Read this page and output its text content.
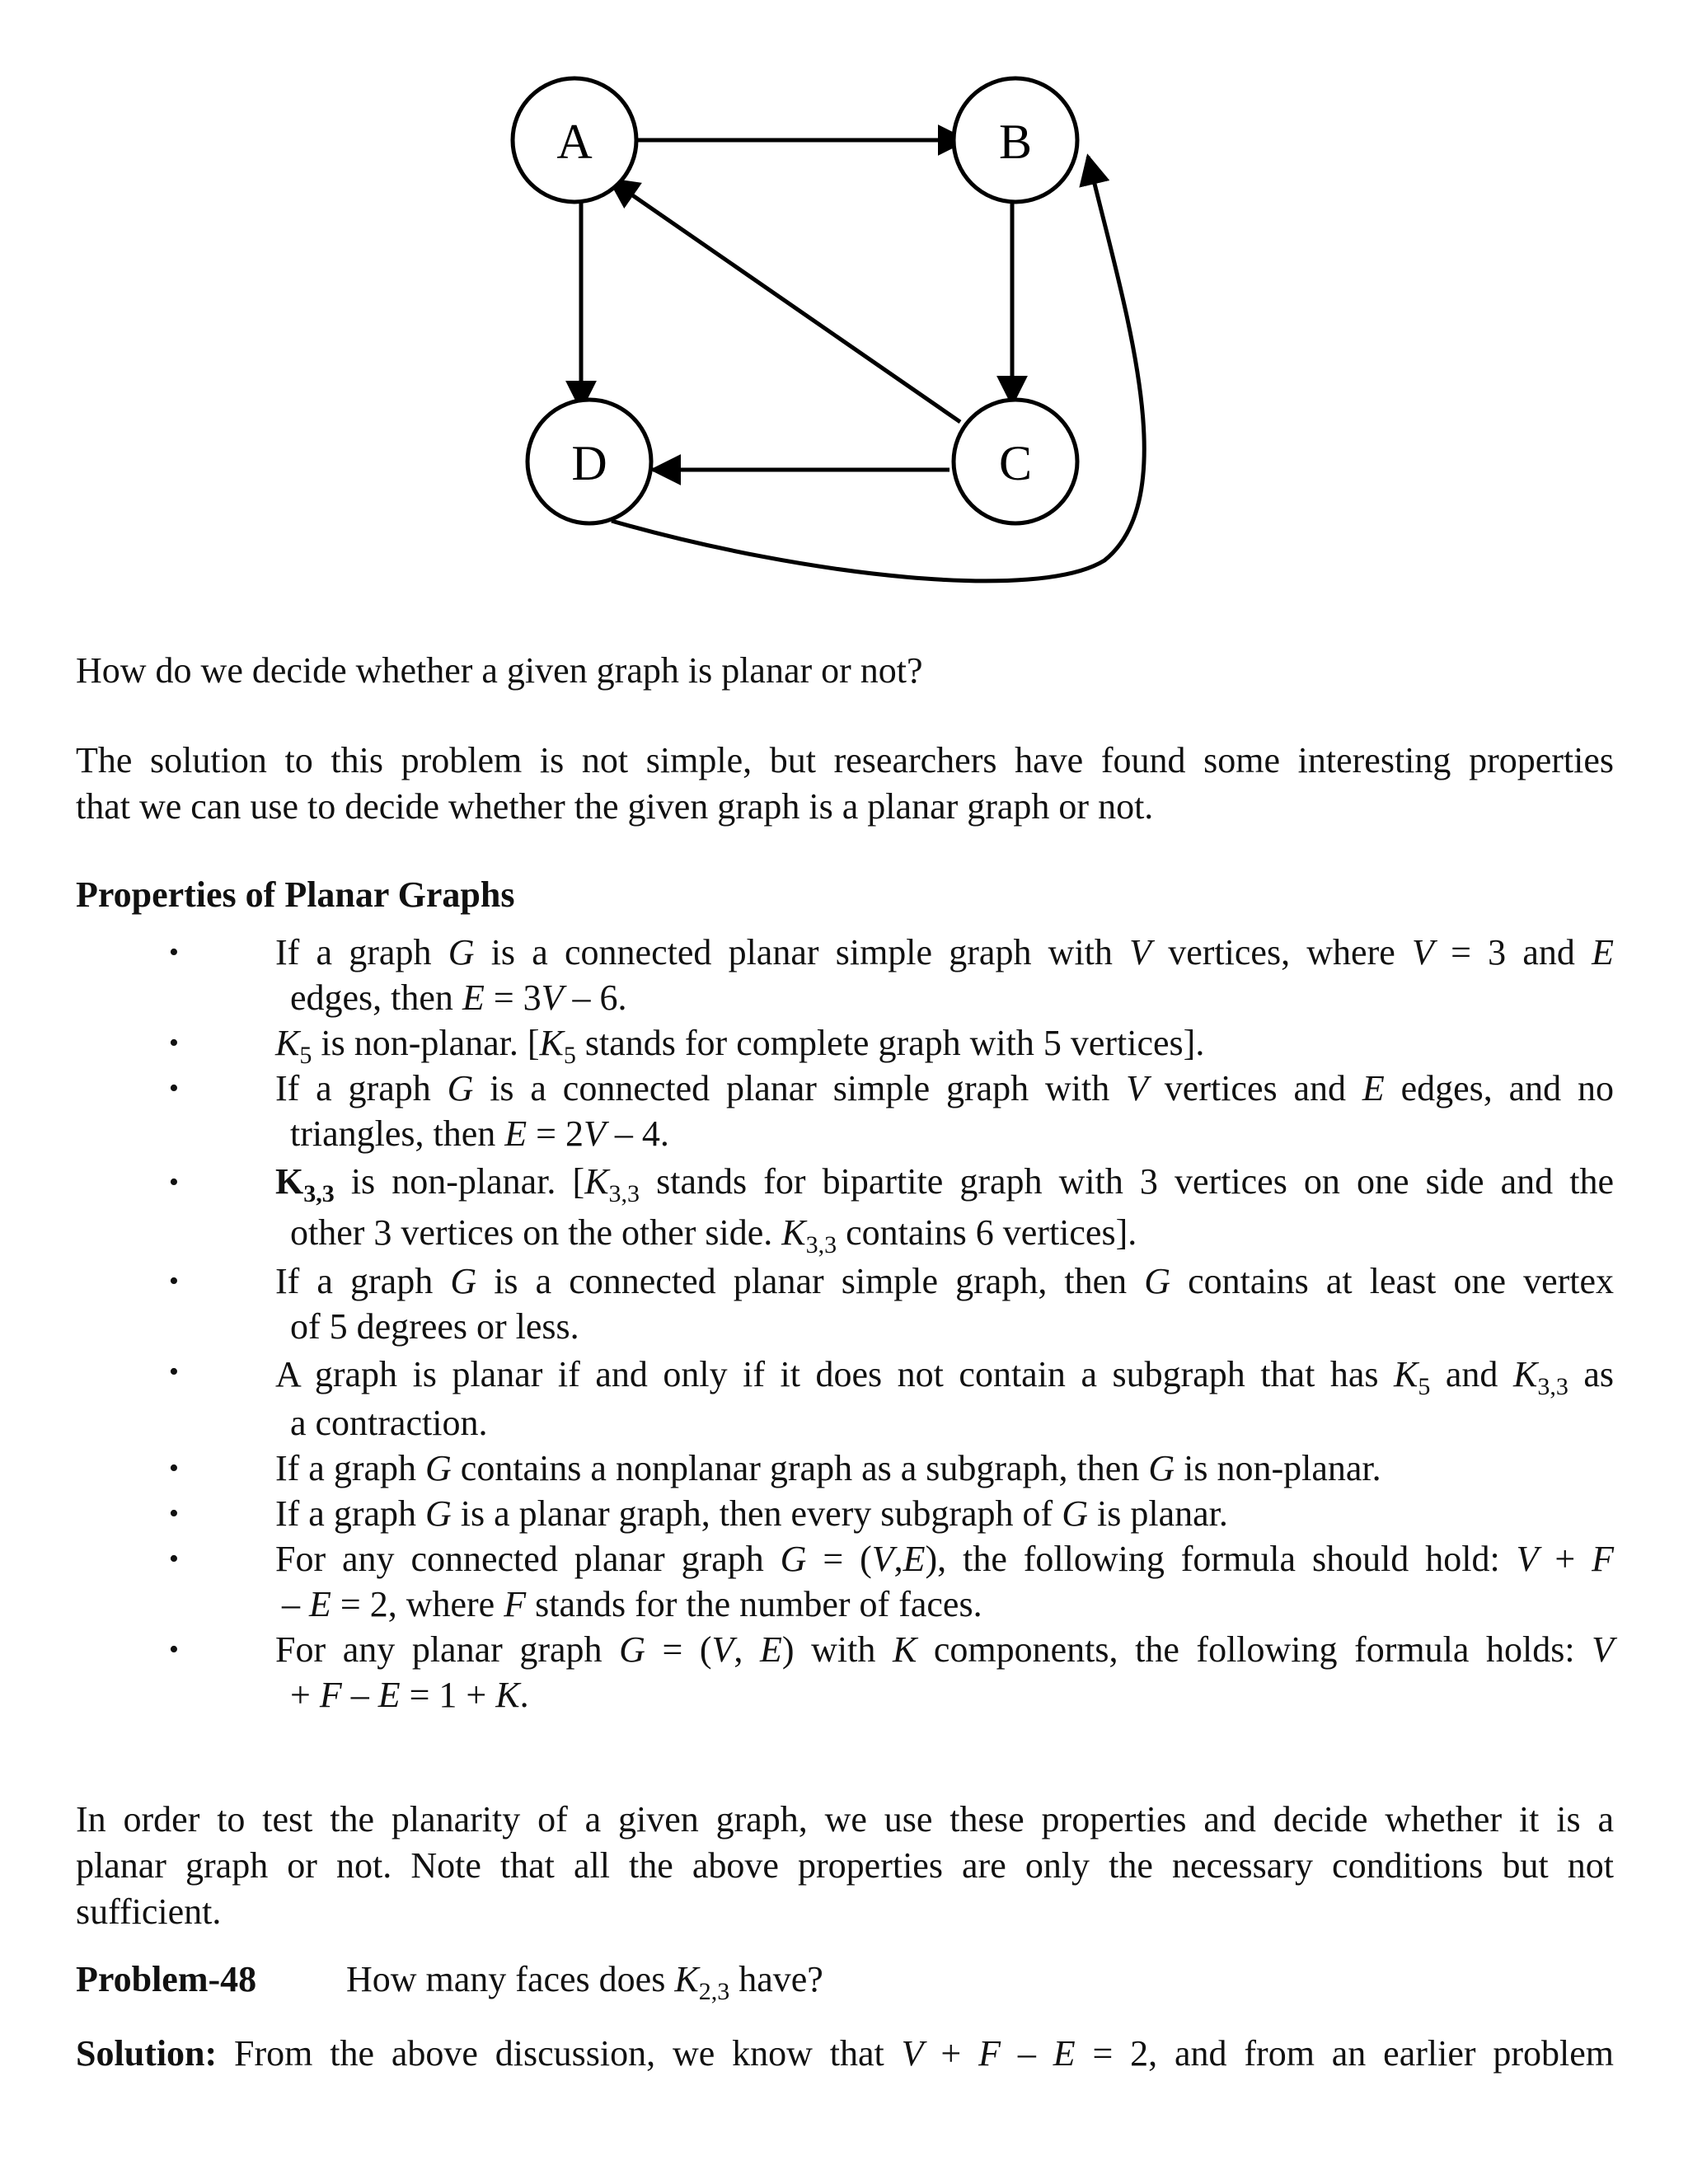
A	B
C
D

How do we decide whether a given graph is planar or not?

The solution to this problem is not simple, but researchers have found some interesting properties
that we can use to decide whether the given graph is a planar graph or not.

Properties of Planar Graphs

•	If a graph G is a connected planar simple graph with V vertices, where V = 3 and E
edges, then E = 3V – 6.
•	$K_5$ is non-planar. [$K_5$ stands for complete graph with 5 vertices].
•	If a graph G is a connected planar simple graph with V vertices and E edges, and no
triangles, then E = 2V – 4.
•	$K_{3,3}$ is non-planar. [$K_{3,3}$ stands for bipartite graph with 3 vertices on one side and the
other 3 vertices on the other side. $K_{3,3}$ contains 6 vertices].
•	If a graph G is a connected planar simple graph, then G contains at least one vertex
of 5 degrees or less.
•	A graph is planar if and only if it does not contain a subgraph that has $K_5$ and $K_{3,3}$ as
a contraction.
•	If a graph G contains a nonplanar graph as a subgraph, then G is non-planar.
•	If a graph G is a planar graph, then every subgraph of G is planar.
•	For any connected planar graph G = (V,E), the following formula should hold: V + F
– E = 2, where F stands for the number of faces.
•	For any planar graph G = (V, E) with K components, the following formula holds: V
+ F – E = 1 + K.

In order to test the planarity of a given graph, we use these properties and decide whether it is a
planar graph or not. Note that all the above properties are only the necessary conditions but not
sufficient.

Problem-48 How many faces does $K_{2,3}$ have?

Solution: From the above discussion, we know that V + F – E = 2, and from an earlier problem
